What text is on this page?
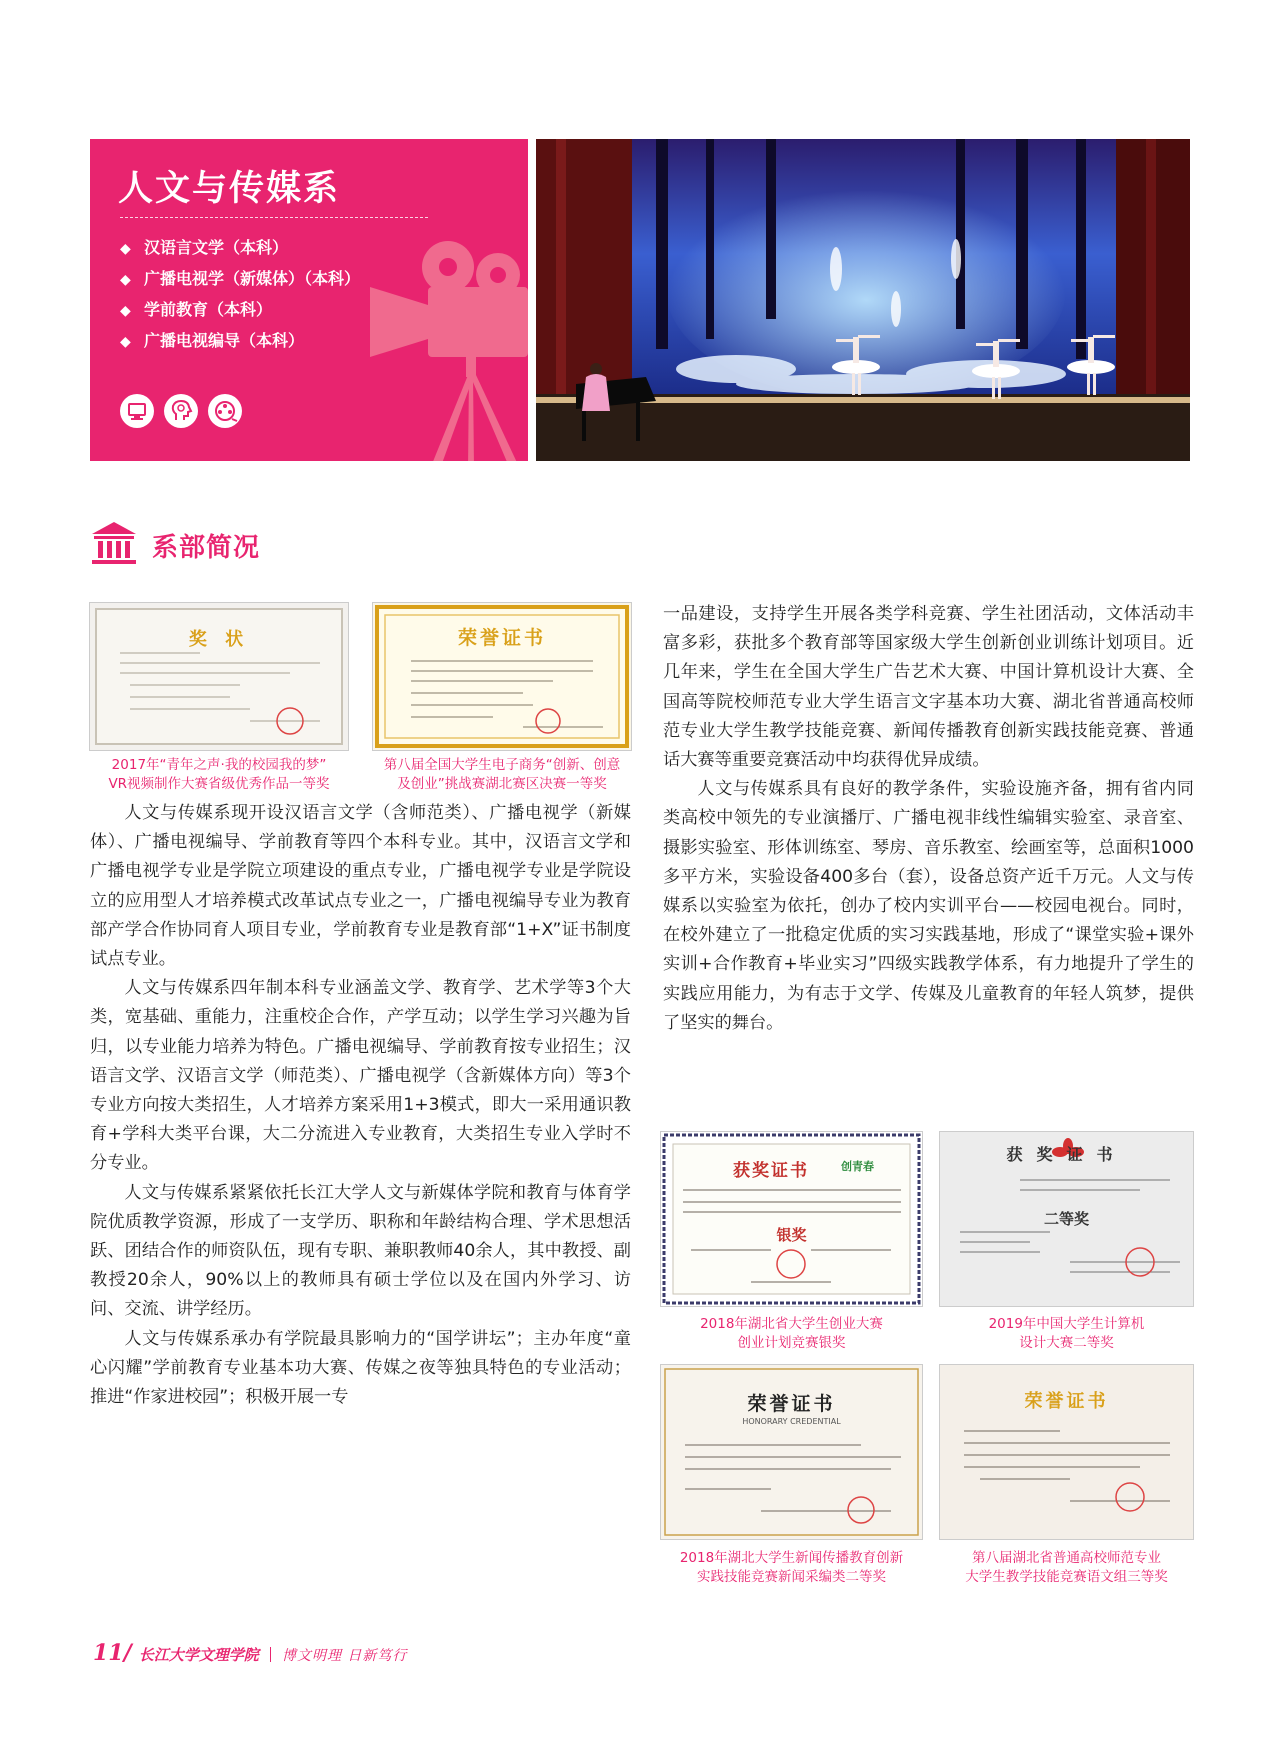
人文与传媒系
◆ 汉语言文学（本科）
◆ 广播电视学（新媒体）（本科）
◆ 学前教育（本科）
◆ 广播电视编导（本科）
系部简况
奖 状
2017年“青年之声·我的校园我的梦”
VR视频制作大赛省级优秀作品一等奖
荣誉证书
第八届全国大学生电子商务“创新、创意
及创业”挑战赛湖北赛区决赛一等奖

人文与传媒系现开设汉语言文学（含师范类）、广播电视学（新媒体）、广播电视编导、学前教育等四个本科专业。其中，汉语言文学和广播电视学专业是学院立项建设的重点专业，广播电视学专业是学院设立的应用型人才培养模式改革试点专业之一，广播电视编导专业为教育部产学合作协同育人项目专业，学前教育专业是教育部“1+X”证书制度试点专业。

人文与传媒系四年制本科专业涵盖文学、教育学、艺术学等3个大类，宽基础、重能力，注重校企合作，产学互动；以学生学习兴趣为旨归，以专业能力培养为特色。广播电视编导、学前教育按专业招生；汉语言文学、汉语言文学（师范类）、广播电视学（含新媒体方向）等3个专业方向按大类招生，人才培养方案采用1+3模式，即大一采用通识教育+学科大类平台课，大二分流进入专业教育，大类招生专业入学时不分专业。

人文与传媒系紧紧依托长江大学人文与新媒体学院和教育与体育学院优质教学资源，形成了一支学历、职称和年龄结构合理、学术思想活跃、团结合作的师资队伍，现有专职、兼职教师40余人，其中教授、副教授20余人，90%以上的教师具有硕士学位以及在国内外学习、访问、交流、讲学经历。

人文与传媒系承办有学院最具影响力的“国学讲坛”；主办年度“童心闪耀”学前教育专业基本功大赛、传媒之夜等独具特色的专业活动；推进“作家进校园”；积极开展一专

一品建设，支持学生开展各类学科竞赛、学生社团活动，文体活动丰富多彩，获批多个教育部等国家级大学生创新创业训练计划项目。近几年来，学生在全国大学生广告艺术大赛、中国计算机设计大赛、全国高等院校师范专业大学生语言文字基本功大赛、湖北省普通高校师范专业大学生教学技能竞赛、新闻传播教育创新实践技能竞赛、普通话大赛等重要竞赛活动中均获得优异成绩。

人文与传媒系具有良好的教学条件，实验设施齐备，拥有省内同类高校中领先的专业演播厅、广播电视非线性编辑实验室、录音室、摄影实验室、形体训练室、琴房、音乐教室、绘画室等，总面积1000多平方米，实验设备400多台（套），设备总资产近千万元。人文与传媒系以实验室为依托，创办了校内实训平台——校园电视台。同时，在校外建立了一批稳定优质的实习实践基地，形成了“课堂实验+课外实训+合作教育+毕业实习”四级实践教学体系，有力地提升了学生的实践应用能力，为有志于文学、传媒及儿童教育的年轻人筑梦，提供了坚实的舞台。

获奖证书	创青春
银奖
2018年湖北省大学生创业大赛
创业计划竞赛银奖
获奖证书
二等奖
2019年中国大学生计算机
设计大赛二等奖
荣誉证书
HONORARY CREDENTIAL
2018年湖北大学生新闻传播教育创新
实践技能竞赛新闻采编类二等奖
荣誉证书
第八届湖北省普通高校师范专业
大学生教学技能竞赛语文组三等奖
11/ 长江大学文理学院 博文明理 日新笃行
